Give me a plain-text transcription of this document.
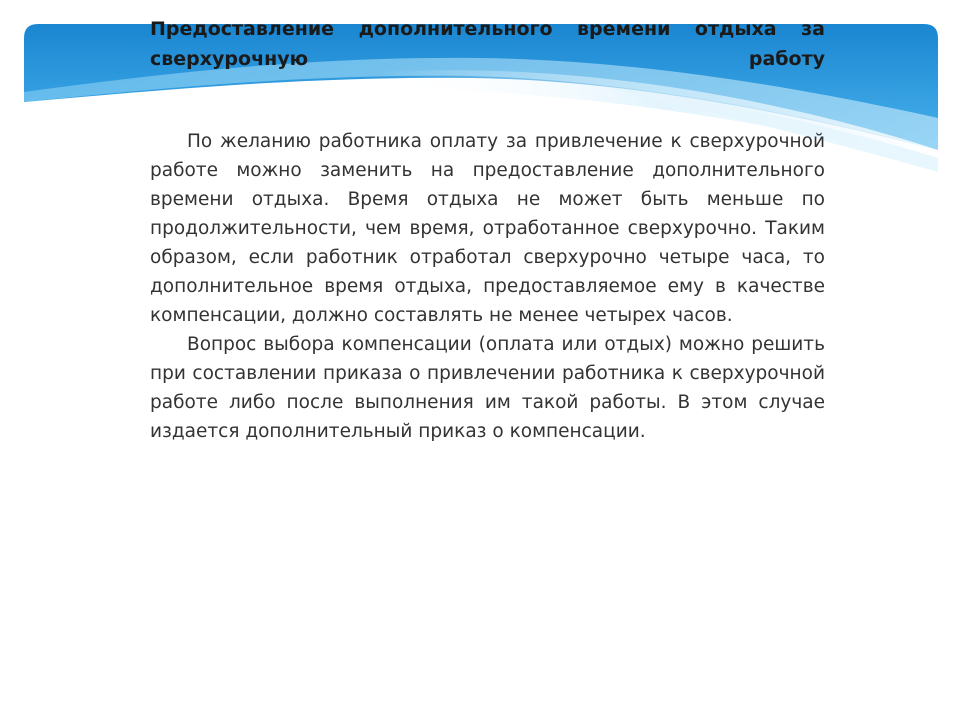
Предоставление дополнительного времени отдыха за
сверхурочную работу

По желанию работника оплату за привлечение к сверхурочной работе можно заменить на предоставление дополнительного времени отдыха. Время отдыха не может быть меньше по продолжительности, чем время, отработанное сверхурочно. Таким образом, если работник отработал сверхурочно четыре часа, то дополнительное время отдыха, предоставляемое ему в качестве компенсации, должно составлять не менее четырех часов.

Вопрос выбора компенсации (оплата или отдых) можно решить при составлении приказа о привлечении работника к сверхурочной работе либо после выполнения им такой работы. В этом случае издается дополнительный приказ о компенсации.
